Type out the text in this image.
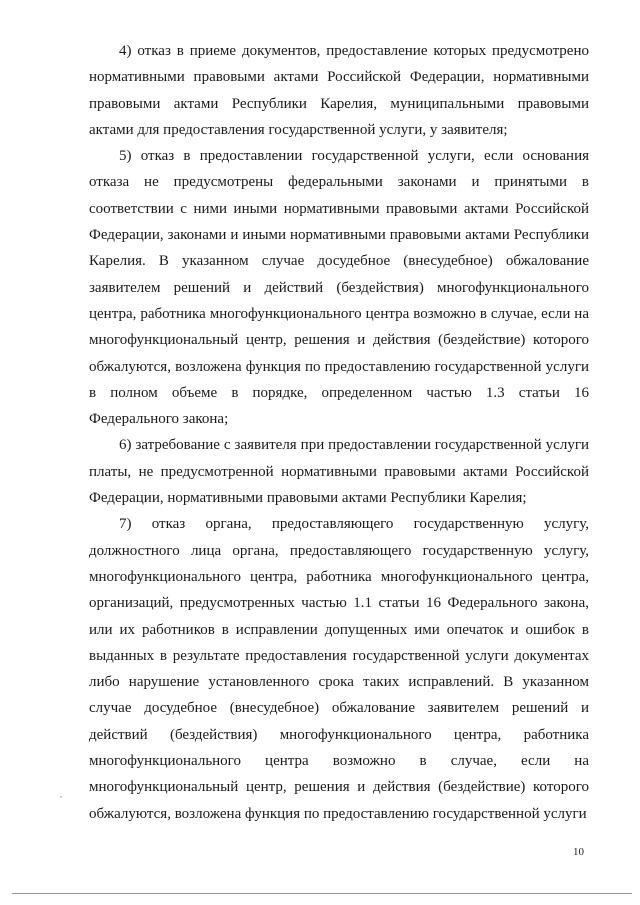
4) отказ в приеме документов, предоставление которых предусмотрено нормативными правовыми актами Российской Федерации, нормативными правовыми актами Республики Карелия, муниципальными правовыми актами для предоставления государственной услуги, у заявителя;

5) отказ в предоставлении государственной услуги, если основания отказа не предусмотрены федеральными законами и принятыми в соответствии с ними иными нормативными правовыми актами Российской Федерации, законами и иными нормативными правовыми актами Республики Карелия. В указанном случае досудебное (внесудебное) обжалование заявителем решений и действий (бездействия) многофункционального центра, работника многофункционального центра возможно в случае, если на многофункциональный центр, решения и действия (бездействие) которого обжалуются, возложена функция по предоставлению государственной услуги в полном объеме в порядке, определенном частью 1.3 статьи 16 Федерального закона;

6) затребование с заявителя при предоставлении государственной услуги платы, не предусмотренной нормативными правовыми актами Российской Федерации, нормативными правовыми актами Республики Карелия;

7) отказ органа, предоставляющего государственную услугу, должностного лица органа, предоставляющего государственную услугу, многофункционального центра, работника многофункционального центра, организаций, предусмотренных частью 1.1 статьи 16 Федерального закона, или их работников в исправлении допущенных ими опечаток и ошибок в выданных в результате предоставления государственной услуги документах либо нарушение установленного срока таких исправлений. В указанном случае досудебное (внесудебное) обжалование заявителем решений и действий (бездействия) многофункционального центра, работника многофункционального центра возможно в случае, если на многофункциональный центр, решения и действия (бездействие) которого обжалуются, возложена функция по предоставлению государственной услуги

10
